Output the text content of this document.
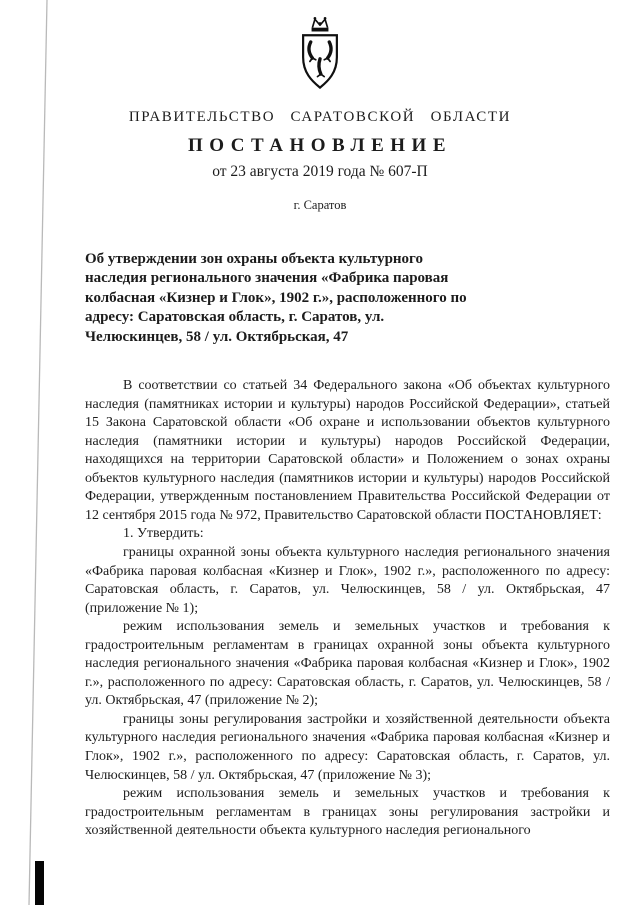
ПРАВИТЕЛЬСТВО САРАТОВСКОЙ ОБЛАСТИ
ПОСТАНОВЛЕНИЕ
от 23 августа 2019 года № 607-П
г. Саратов
Об утверждении зон охраны объекта культурного наследия регионального значения «Фабрика паровая колбасная «Кизнер и Глок», 1902 г.», расположенного по адресу: Саратовская область, г. Саратов, ул. Челюскинцев, 58 / ул. Октябрьская, 47

В соответствии со статьей 34 Федерального закона «Об объектах культурного наследия (памятниках истории и культуры) народов Российской Федерации», статьей 15 Закона Саратовской области «Об охране и использовании объектов культурного наследия (памятники истории и культуры) народов Российской Федерации, находящихся на территории Саратовской области» и Положением о зонах охраны объектов культурного наследия (памятников истории и культуры) народов Российской Федерации, утвержденным постановлением Правительства Российской Федерации от 12 сентября 2015 года № 972, Правительство Саратовской области ПОСТАНОВЛЯЕТ:

1. Утвердить:

границы охранной зоны объекта культурного наследия регионального значения «Фабрика паровая колбасная «Кизнер и Глок», 1902 г.», расположенного по адресу: Саратовская область, г. Саратов, ул. Челюскинцев, 58 / ул. Октябрьская, 47 (приложение № 1);

режим использования земель и земельных участков и требования к градостроительным регламентам в границах охранной зоны объекта культурного наследия регионального значения «Фабрика паровая колбасная «Кизнер и Глок», 1902 г.», расположенного по адресу: Саратовская область, г. Саратов, ул. Челюскинцев, 58 / ул. Октябрьская, 47 (приложение № 2);

границы зоны регулирования застройки и хозяйственной деятельности объекта культурного наследия регионального значения «Фабрика паровая колбасная «Кизнер и Глок», 1902 г.», расположенного по адресу: Саратовская область, г. Саратов, ул. Челюскинцев, 58 / ул. Октябрьская, 47 (приложение № 3);

режим использования земель и земельных участков и требования к градостроительным регламентам в границах зоны регулирования застройки и хозяйственной деятельности объекта культурного наследия регионального
